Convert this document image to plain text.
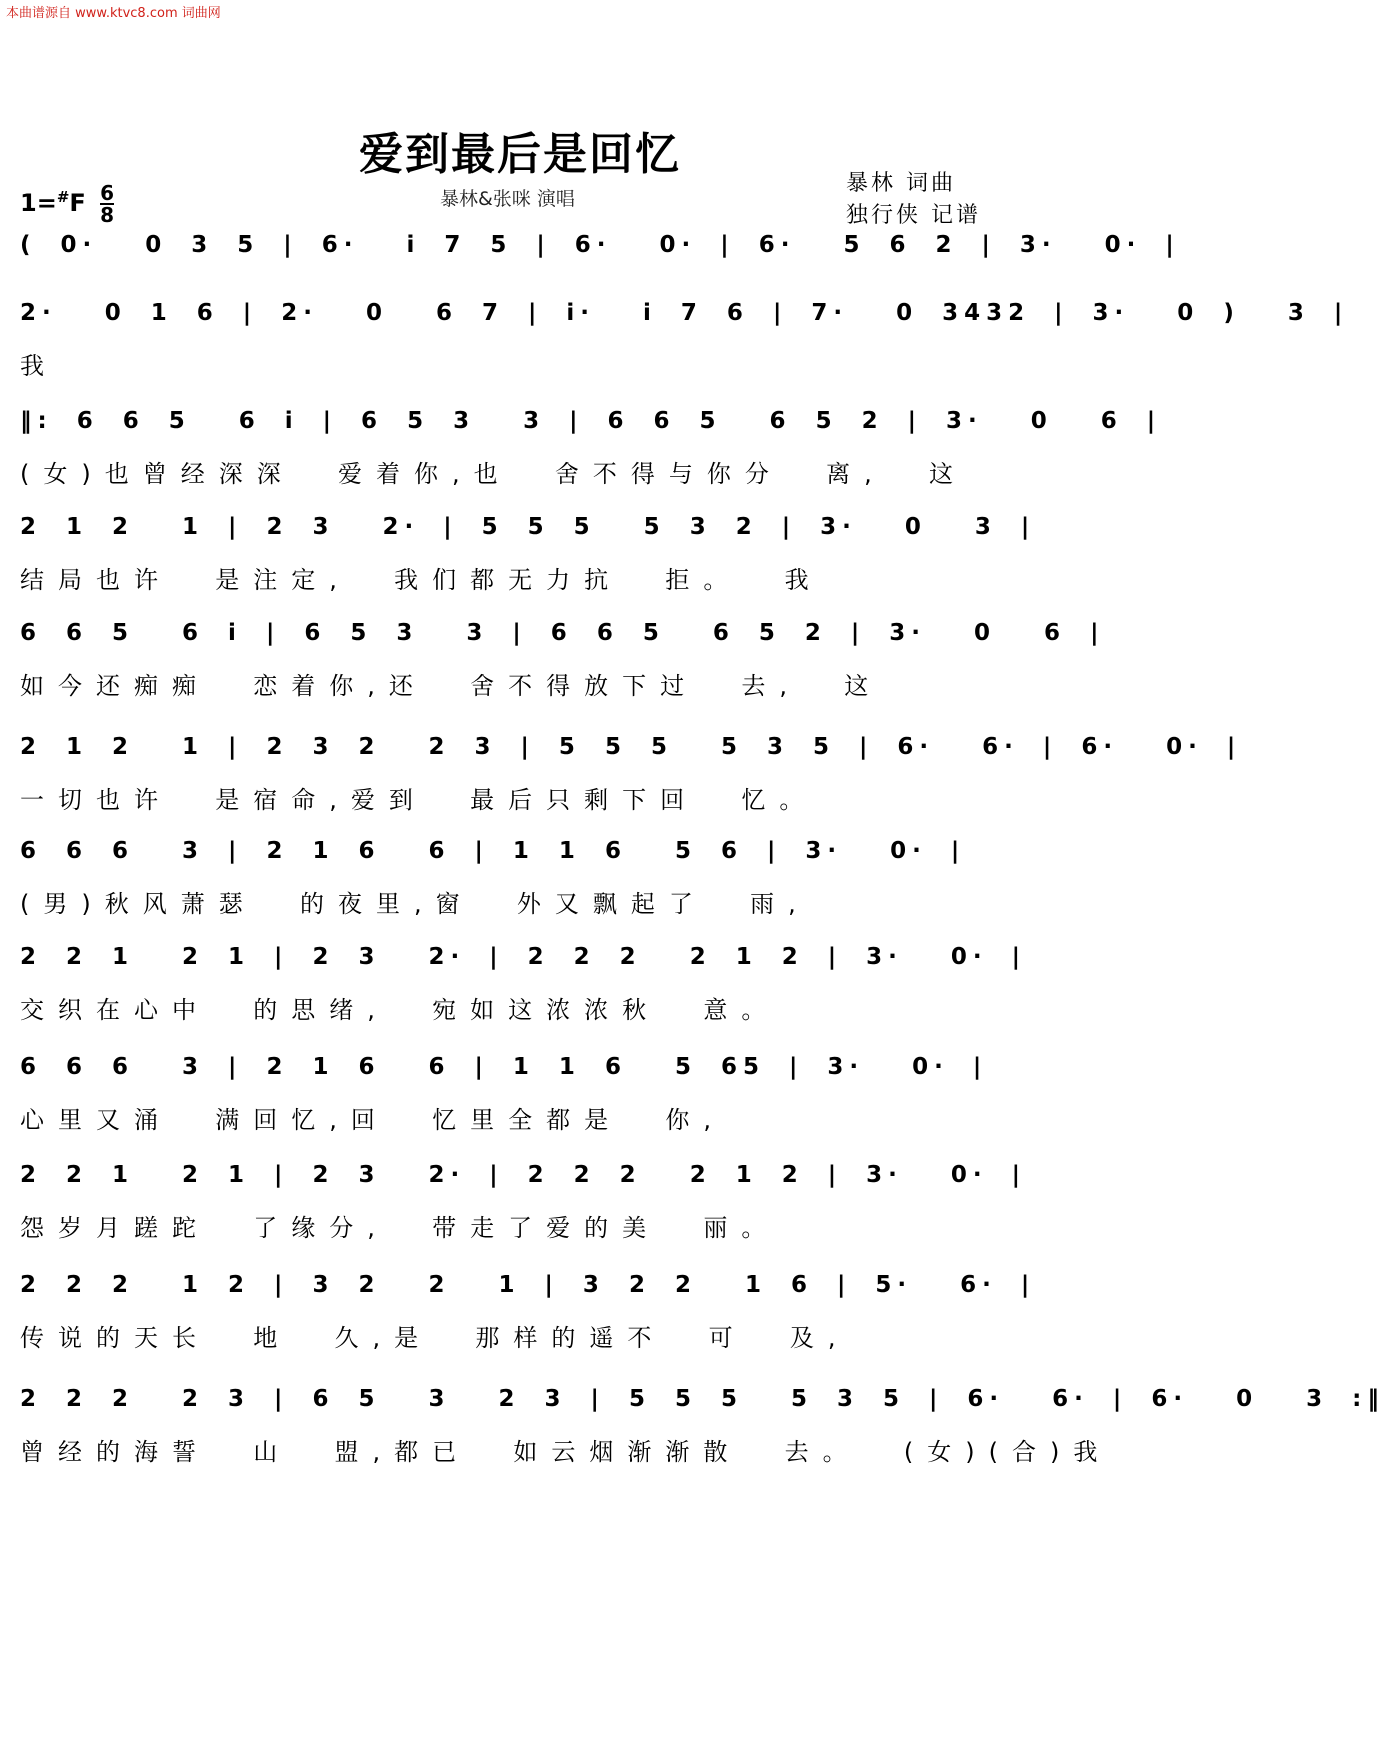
本曲谱源自 www.ktvc8.com 词曲网
爱到最后是回忆
$1=^{\#}F \frac{6}{8}$	暴林&张咪 演唱
暴林 词曲
独行侠 记谱
( 0·  0 3 5 | 6·  i 7 5 | 6·  0· | 6·  5 6 2 | 3·  0· |
2·  0 1 6 | 2·  0  6 7 | i·  i 7 6 | 7·  0 3432 | 3·  0 )  3 |
我
‖: 6 6 5  6 i | 6 5 3  3 | 6 6 5  6 5 2 | 3·  0  6 |
(女)也曾经深深  爱着你,也  舍不得与你分  离,  这
2 1 2  1 | 2 3  2· | 5 5 5  5 3 2 | 3·  0  3 |
结局也许  是注定,  我们都无力抗  拒。  我
6 6 5  6 i | 6 5 3  3 | 6 6 5  6 5 2 | 3·  0  6 |
如今还痴痴  恋着你,还  舍不得放下过  去,  这
2 1 2  1 | 2 3 2  2 3 | 5 5 5  5 3 5 | 6·  6· | 6·  0· |
一切也许  是宿命,爱到  最后只剩下回  忆。
6 6 6  3 | 2 1 6  6 | 1 1 6  5 6 | 3·  0· |
(男)秋风萧瑟  的夜里,窗  外又飘起了  雨,
2 2 1  2 1 | 2 3  2· | 2 2 2  2 1 2 | 3·  0· |
交织在心中  的思绪,  宛如这浓浓秋  意。
6 6 6  3 | 2 1 6  6 | 1 1 6  5 65 | 3·  0· |
心里又涌  满回忆,回  忆里全都是  你,
2 2 1  2 1 | 2 3  2· | 2 2 2  2 1 2 | 3·  0· |
怨岁月蹉跎  了缘分,  带走了爱的美  丽。
2 2 2  1 2 | 3 2  2  1 | 3 2 2  1 6 | 5·  6· |
传说的天长  地  久,是  那样的遥不  可  及,
2 2 2  2 3 | 6 5  3  2 3 | 5 5 5  5 3 5 | 6·  6· | 6·  0  3 :‖
曾经的海誓  山  盟,都已  如云烟渐渐散  去。  (女)(合)我
